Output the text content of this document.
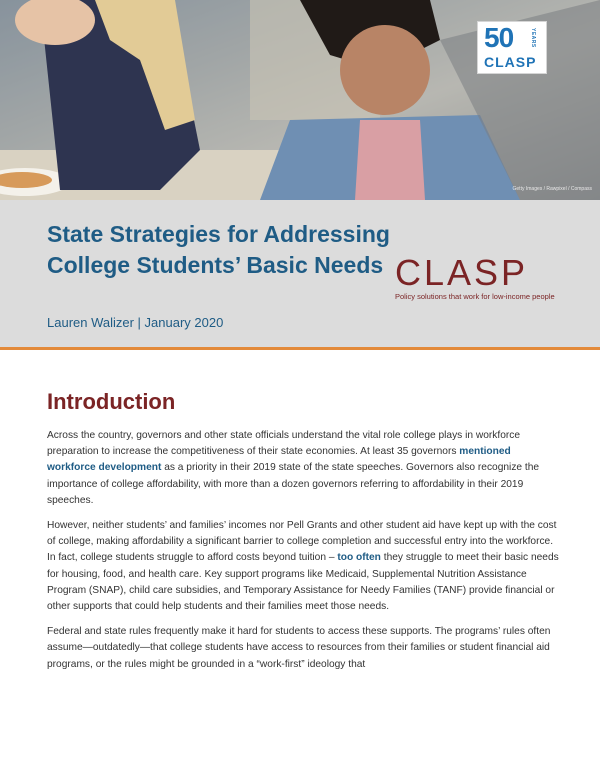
Getty Images / Rawpixel / Compass
50	YEARS
CLASP
State Strategies for Addressing College Students’ Basic Needs
Lauren Walizer | January 2020
CLASP
Policy solutions that work for low-income people
Introduction

Across the country, governors and other state officials understand the vital role college plays in workforce preparation to increase the competitiveness of their state economies. At least 35 governors mentioned workforce development as a priority in their 2019 state of the state speeches. Governors also recognize the importance of college affordability, with more than a dozen governors referring to affordability in their 2019 speeches.

However, neither students’ and families’ incomes nor Pell Grants and other student aid have kept up with the cost of college, making affordability a significant barrier to college completion and successful entry into the workforce. In fact, college students struggle to afford costs beyond tuition – too often they struggle to meet their basic needs for housing, food, and health care. Key support programs like Medicaid, Supplemental Nutrition Assistance Program (SNAP), child care subsidies, and Temporary Assistance for Needy Families (TANF) provide financial or other supports that could help students and their families meet those needs.

Federal and state rules frequently make it hard for students to access these supports. The programs’ rules often assume—outdatedly—that college students have access to resources from their families or student financial aid programs, or the rules might be grounded in a “work-first” ideology that
